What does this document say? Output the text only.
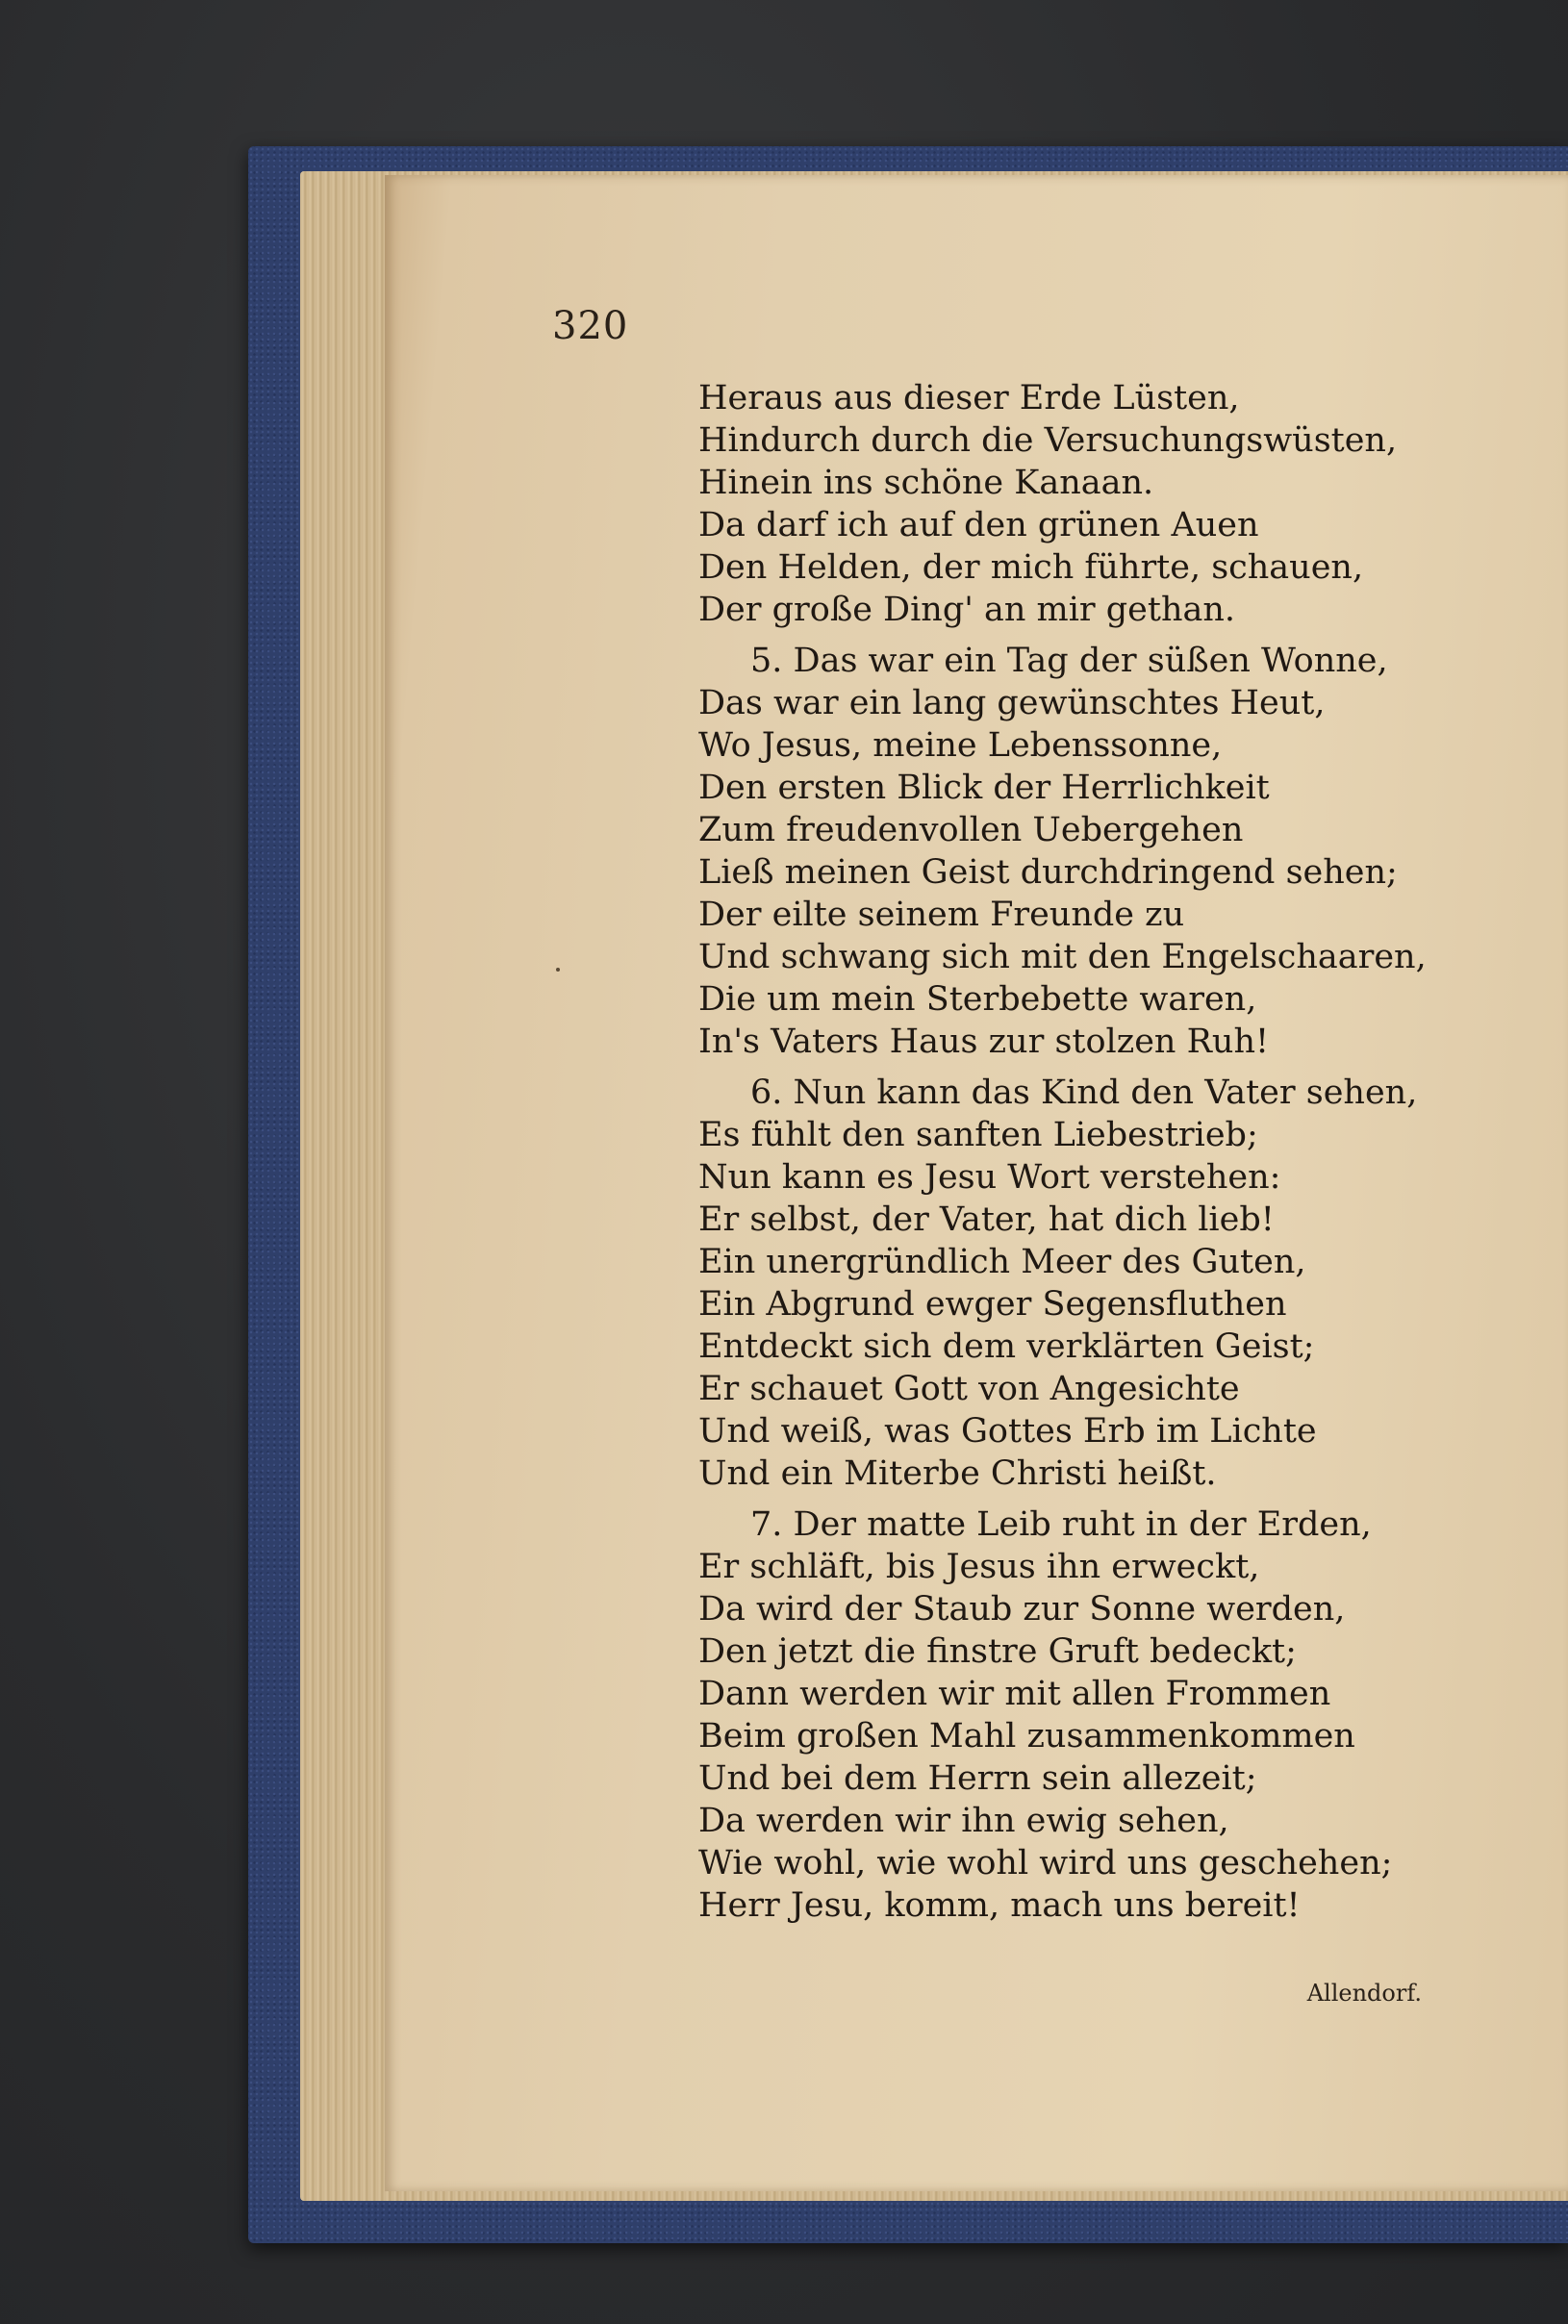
320
Heraus aus dieser Erde Lüsten,
Hindurch durch die Versuchungswüsten,
Hinein ins schöne Kanaan.
Da darf ich auf den grünen Auen
Den Helden, der mich führte, schauen,
Der große Ding' an mir gethan.
5. Das war ein Tag der süßen Wonne,
Das war ein lang gewünschtes Heut,
Wo Jesus, meine Lebenssonne,
Den ersten Blick der Herrlichkeit
Zum freudenvollen Uebergehen
Ließ meinen Geist durchdringend sehen;
Der eilte seinem Freunde zu
Und schwang sich mit den Engelschaaren,
Die um mein Sterbebette waren,
In's Vaters Haus zur stolzen Ruh!
6. Nun kann das Kind den Vater sehen,
Es fühlt den sanften Liebestrieb;
Nun kann es Jesu Wort verstehen:
Er selbst, der Vater, hat dich lieb!
Ein unergründlich Meer des Guten,
Ein Abgrund ewger Segensfluthen
Entdeckt sich dem verklärten Geist;
Er schauet Gott von Angesichte
Und weiß, was Gottes Erb im Lichte
Und ein Miterbe Christi heißt.
7. Der matte Leib ruht in der Erden,
Er schläft, bis Jesus ihn erweckt,
Da wird der Staub zur Sonne werden,
Den jetzt die finstre Gruft bedeckt;
Dann werden wir mit allen Frommen
Beim großen Mahl zusammenkommen
Und bei dem Herrn sein allezeit;
Da werden wir ihn ewig sehen,
Wie wohl, wie wohl wird uns geschehen;
Herr Jesu, komm, mach uns bereit!
Allendorf.
